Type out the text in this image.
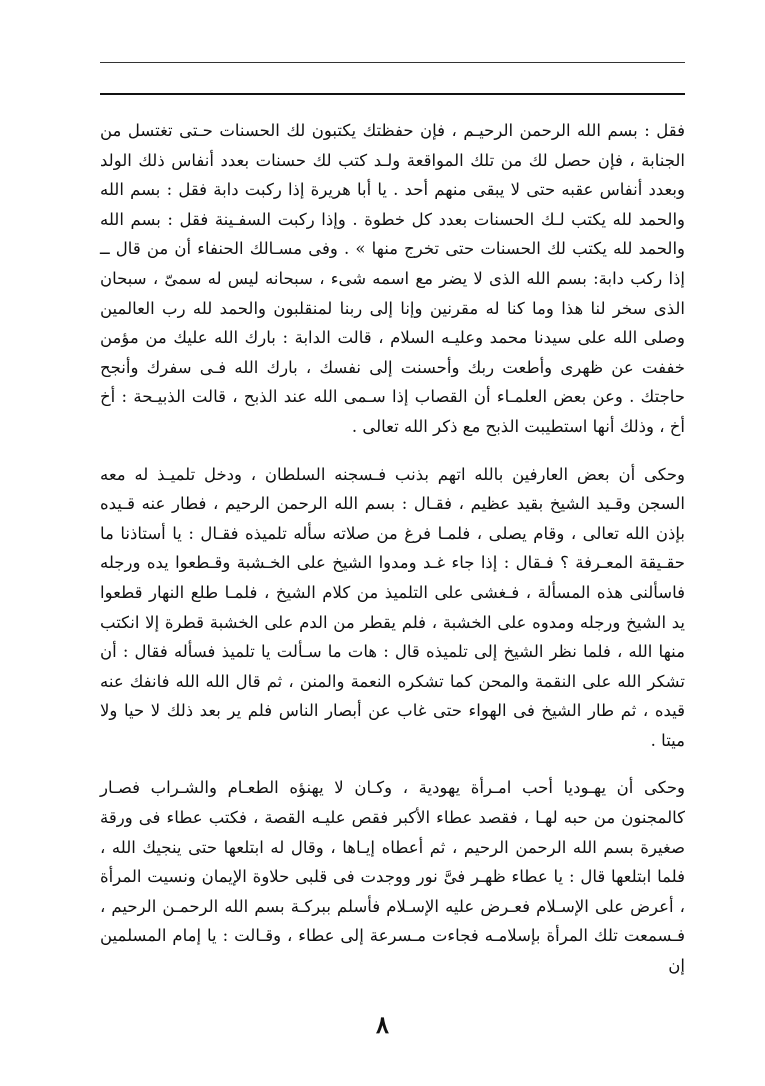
فقل : بسم الله الرحمن الرحيـم ، فإن حفظتك يكتبون لك الحسنات حـتى تغتسل من الجنابة ، فإن حصل لك من تلك المواقعة ولـد كتب لك حسنات بعدد أنفاس ذلك الولد وبعدد أنفاس عقبه حتى لا يبقى منهم أحد . يا أبا هريرة إذا ركبت دابة فقل : بسم الله والحمد لله يكتب لـك الحسنات بعدد كل خطوة . وإذا ركبت السفـينة فقل : بسم الله والحمد لله يكتب لك الحسنات حتى تخرج منها » . وفى مسـالك الحنفاء أن من قال ــ إذا ركب دابة: بسم الله الذى لا يضر مع اسمه شىء ، سبحانه ليس له سمىّ ، سبحان الذى سخر لنا هذا وما كنا له مقرنين وإنا إلى ربنا لمنقلبون والحمد لله رب العالمين وصلى الله على سيدنا محمد وعليـه السلام ، قالت الدابة : بارك الله عليك من مؤمن خففت عن ظهرى وأطعت ربك وأحسنت إلى نفسك ، بارك الله فـى سفرك وأنجح حاجتك . وعن بعض العلمـاء أن القصاب إذا سـمى الله عند الذبح ، قالت الذبيـحة : أخ أخ ، وذلك أنها استطيبت الذبح مع ذكر الله تعالى .

وحكى أن بعض العارفين بالله اتهم بذنب فـسجنه السلطان ، ودخل تلميـذ له معه السجن وقـيد الشيخ بقيد عظيم ، فقـال : بسم الله الرحمن الرحيم ، فطار عنه قـيده بإذن الله تعالى ، وقام يصلى ، فلمـا فرغ من صلاته سأله تلميذه فقـال : يا أستاذنا ما حقـيقة المعـرفة ؟ فـقال : إذا جاء غـد ومدوا الشيخ على الخـشبة وقـطعوا يده ورجله فاسألنى هذه المسألة ، فـغشى على التلميذ من كلام الشيخ ، فلمـا طلع النهار قطعوا يد الشيخ ورجله ومدوه على الخشبة ، فلم يقطر من الدم على الخشبة قطرة إلا انكتب منها الله ، فلما نظر الشيخ إلى تلميذه قال : هات ما سـألت يا تلميذ فسأله فقال : أن تشكر الله على النقمة والمحن كما تشكره النعمة والمنن ، ثم قال الله الله فانفك عنه قيده ، ثم طار الشيخ فى الهواء حتى غاب عن أبصار الناس فلم ير بعد ذلك لا حيا ولا ميتا .

وحكى أن يهـوديا أحب امـرأة يهودية ، وكـان لا يهنؤه الطعـام والشـراب فصـار كالمجنون من حبه لهـا ، فقصد عطاء الأكبر فقص عليـه القصة ، فكتب عطاء فى ورقة صغيرة بسم الله الرحمن الرحيم ، ثم أعطاه إيـاها ، وقال له ابتلعها حتى ينجيك الله ، فلما ابتلعها قال : يا عطاء ظهـر فىَّ نور ووجدت فى قلبى حلاوة الإيمان ونسيت المرأة ، أعرض على الإسـلام فعـرض عليه الإسـلام فأسلم ببركـة بسم الله الرحمـن الرحيم ، فـسمعت تلك المرأة بإسلامـه فجاءت مـسرعة إلى عطاء ، وقـالت : يا إمام المسلمين إن

٨
